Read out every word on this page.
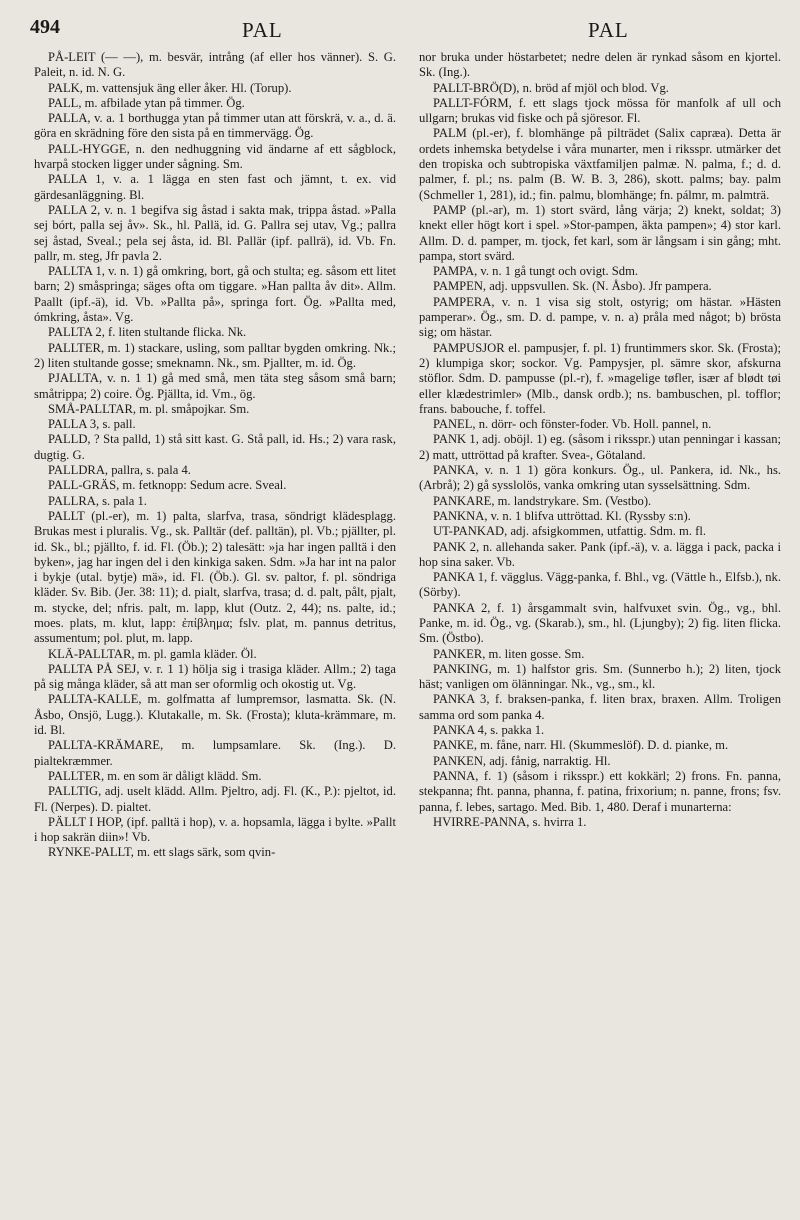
494	PAL	PAL

PÅ-LEIT (— —), m. besvär, intrång (af eller hos vänner). S. G. Paleit, n. id. N. G.

PALK, m. vattensjuk äng eller åker. Hl. (Torup).

PALL, m. afbilade ytan på timmer. Ög.

PALLA, v. a. 1 borthugga ytan på timmer utan att förskrä, v. a., d. ä. göra en skrädning före den sista på en timmervägg. Ög.

PALL-HYGGE, n. den nedhuggning vid ändarne af ett sågblock, hvarpå stocken ligger under sågning. Sm.

PALLA 1, v. a. 1 lägga en sten fast och jämnt, t. ex. vid gärdesanläggning. Bl.

PALLA 2, v. n. 1 begifva sig åstad i sakta mak, trippa åstad. »Palla sej bórt, palla sej åv». Sk., hl. Pallä, id. G. Pallra sej utav, Vg.; pallra sej åstad, Sveal.; pela sej åsta, id. Bl. Pallär (ipf. pallrä), id. Vb. Fn. pallr, m. steg, Jfr pavla 2.

PALLTA 1, v. n. 1) gå omkring, bort, gå och stulta; eg. såsom ett litet barn; 2) småspringa; säges ofta om tiggare. »Han pallta åv dit». Allm. Paallt (ipf.-ä), id. Vb. »Pallta på», springa fort. Ög. »Pallta med, ómkring, åsta». Vg.

PALLTA 2, f. liten stultande flicka. Nk.

PALLTER, m. 1) stackare, usling, som palltar bygden omkring. Nk.; 2) liten stultande gosse; smeknamn. Nk., sm. Pjallter, m. id. Ög.

PJALLTA, v. n. 1 1) gå med små, men täta steg såsom små barn; småtrippa; 2) coire. Ög. Pjällta, id. Vm., ög.

SMÅ-PALLTAR, m. pl. småpojkar. Sm.

PALLA 3, s. pall.

PALLD, ? Sta palld, 1) stå sitt kast. G. Stå pall, id. Hs.; 2) vara rask, dugtig. G.

PALLDRA, pallra, s. pala 4.

PALL-GRÄS, m. fetknopp: Sedum acre. Sveal.

PALLRA, s. pala 1.

PALLT (pl.-er), m. 1) palta, slarfva, trasa, söndrigt klädesplagg. Brukas mest i pluralis. Vg., sk. Palltär (def. palltän), pl. Vb.; pjällter, pl. id. Sk., bl.; pjällto, f. id. Fl. (Öb.); 2) talesätt: »ja har ingen palltä i den byken», jag har ingen del i den kinkiga saken. Sdm. »Ja har int na palor i bykje (utal. bytje) mä», id. Fl. (Öb.). Gl. sv. paltor, f. pl. söndriga kläder. Sv. Bib. (Jer. 38: 11); d. pialt, slarfva, trasa; d. d. palt, pålt, pjalt, m. stycke, del; nfris. palt, m. lapp, klut (Outz. 2, 44); ns. palte, id.; moes. plats, m. klut, lapp: ἐπίβλημα; fslv. plat, m. pannus detritus, assumentum; pol. plut, m. lapp.

KLÄ-PALLTAR, m. pl. gamla kläder. Öl.

PALLTA PÅ SEJ, v. r. 1 1) hölja sig i trasiga kläder. Allm.; 2) taga på sig många kläder, så att man ser oformlig och okostig ut. Vg.

PALLTA-KALLE, m. golfmatta af lumpremsor, lasmatta. Sk. (N. Åsbo, Onsjö, Lugg.). Klutakalle, m. Sk. (Frosta); kluta-krämmare, m. id. Bl.

PALLTA-KRÄMARE, m. lumpsamlare. Sk. (Ing.). D. pialtekræmmer.

PALLTER, m. en som är dåligt klädd. Sm.

PALLTIG, adj. uselt klädd. Allm. Pjeltro, adj. Fl. (K., P.): pjeltot, id. Fl. (Nerpes). D. pialtet.

PÄLLT I HOP, (ipf. palltä i hop), v. a. hopsamla, lägga i bylte. »Pallt i hop sakrän diin»! Vb.

RYNKE-PALLT, m. ett slags särk, som qvin-

nor bruka under höstarbetet; nedre delen är rynkad såsom en kjortel. Sk. (Ing.).

PALLT-BRÖ(D), n. bröd af mjöl och blod. Vg.

PALLT-FÓRM, f. ett slags tjock mössa för manfolk af ull och ullgarn; brukas vid fiske och på sjöresor. Fl.

PALM (pl.-er), f. blomhänge på pilträdet (Salix capræa). Detta är ordets inhemska betydelse i våra munarter, men i riksspr. utmärker det den tropiska och subtropiska växtfamiljen palmæ. N. palma, f.; d. d. palmer, f. pl.; ns. palm (B. W. B. 3, 286), skott. palms; bay. palm (Schmeller 1, 281), id.; fin. palmu, blomhänge; fn. pálmr, m. palmträ.

PAMP (pl.-ar), m. 1) stort svärd, lång värja; 2) knekt, soldat; 3) knekt eller högt kort i spel. »Stor-pampen, äkta pampen»; 4) stor karl. Allm. D. d. pamper, m. tjock, fet karl, som är långsam i sin gång; mht. pampa, stort svärd.

PAMPA, v. n. 1 gå tungt och ovigt. Sdm.

PAMPEN, adj. uppsvullen. Sk. (N. Åsbo). Jfr pampera.

PAMPERA, v. n. 1 visa sig stolt, ostyrig; om hästar. »Hästen pamperar». Ög., sm. D. d. pampe, v. n. a) pråla med något; b) brösta sig; om hästar.

PAMPUSJOR el. pampusjer, f. pl. 1) fruntimmers skor. Sk. (Frosta); 2) klumpiga skor; sockor. Vg. Pampysjer, pl. sämre skor, afskurna stöflor. Sdm. D. pampusse (pl.-r), f. »magelige tøfler, især af blødt tøi eller klædestrimler» (Mlb., dansk ordb.); ns. bambuschen, pl. tofflor; frans. babouche, f. toffel.

PANEL, n. dörr- och fönster-foder. Vb. Holl. pannel, n.

PANK 1, adj. oböjl. 1) eg. (såsom i riksspr.) utan penningar i kassan; 2) matt, uttröttad på krafter. Svea-, Götaland.

PANKA, v. n. 1 1) göra konkurs. Ög., ul. Pankera, id. Nk., hs. (Arbrå); 2) gå sysslolös, vanka omkring utan sysselsättning. Sdm.

PANKARE, m. landstrykare. Sm. (Vestbo).

PANKNA, v. n. 1 blifva uttröttad. Kl. (Ryssby s:n).

UT-PANKAD, adj. afsigkommen, utfattig. Sdm. m. fl.

PANK 2, n. allehanda saker. Pank (ipf.-ä), v. a. lägga i pack, packa i hop sina saker. Vb.

PANKA 1, f. vägglus. Vägg-panka, f. Bhl., vg. (Vättle h., Elfsb.), nk. (Sörby).

PANKA 2, f. 1) årsgammalt svin, halfvuxet svin. Ög., vg., bhl. Panke, m. id. Ög., vg. (Skarab.), sm., hl. (Ljungby); 2) fig. liten flicka. Sm. (Östbo).

PANKER, m. liten gosse. Sm.

PANKING, m. 1) halfstor gris. Sm. (Sunnerbo h.); 2) liten, tjock häst; vanligen om ölänningar. Nk., vg., sm., kl.

PANKA 3, f. braksen-panka, f. liten brax, braxen. Allm. Troligen samma ord som panka 4.

PANKA 4, s. pakka 1.

PANKE, m. fåne, narr. Hl. (Skummeslöf). D. d. pianke, m.

PANKEN, adj. fånig, narraktig. Hl.

PANNA, f. 1) (såsom i riksspr.) ett kokkärl; 2) frons. Fn. panna, stekpanna; fht. panna, phanna, f. patina, frixorium; n. panne, frons; fsv. panna, f. lebes, sartago. Med. Bib. 1, 480. Deraf i munarterna:

HVIRRE-PANNA, s. hvirra 1.
